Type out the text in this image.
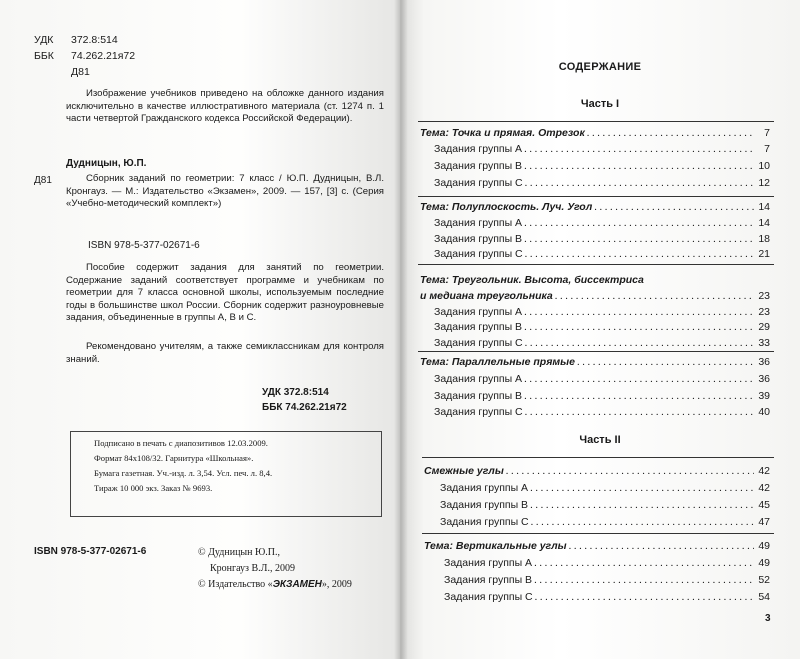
УДК 372.8:514
ББК 74.262.21я72
Д81
Изображение учебников приведено на обложке данного издания исключительно в качестве иллюстративного материала (ст. 1274 п. 1 части четвертой Гражданского кодекса Российской Федерации).
Дудницын, Ю.П.
Д81	Сборник заданий по геометрии: 7 класс / Ю.П. Дудницын, В.Л. Кронгауз. — М.: Издательство «Экзамен», 2009. — 157, [3] с. (Серия «Учебно-методический комплект»)
ISBN 978-5-377-02671-6
Пособие содержит задания для занятий по геометрии. Содержание заданий соответствует программе и учебникам по геометрии для 7 класса основной школы, используемым последние годы в большинстве школ России. Сборник содержит разноуровневые задания, объединенные в группы А, В и С.
Рекомендовано учителям, а также семиклассникам для контроля знаний.
УДК 372.8:514
ББК 74.262.21я72
Подписано в печать с диапозитивов 12.03.2009.
Формат 84х108/32. Гарнитура «Школьная».
Бумага газетная. Уч.-изд. л. 3,54. Усл. печ. л. 8,4.
Тираж 10 000 экз. Заказ № 9693.
ISBN 978-5-377-02671-6	© Дудницын Ю.П.,
Кронгауз В.Л., 2009
© Издательство «ЭКЗАМЕН», 2009
СОДЕРЖАНИЕ
Часть I
Часть II
Тема: Точка и прямая. Отрезок . . .	7
Задания группы А . . .	7
Задания группы В . . .	10
Задания группы С . . .	12
Тема: Полуплоскость. Луч. Угол . . .	14
Задания группы А . . .	14
Задания группы В . . .	18
Задания группы С . . .	21
Тема: Треугольник. Высота, биссектриса
и медиана треугольника . . .	23
Задания группы А . . .	23
Задания группы В . . .	29
Задания группы С . . .	33
Тема: Параллельные прямые . . .	36
Задания группы А . . .	36
Задания группы В . . .	39
Задания группы С . . .	40
Смежные углы . . .	42
Задания группы А . . .	42
Задания группы В . . .	45
Задания группы С . . .	47
Тема: Вертикальные углы . . .	49
Задания группы А . . .	49
Задания группы В . . .	52
Задания группы С . . .	54
3
